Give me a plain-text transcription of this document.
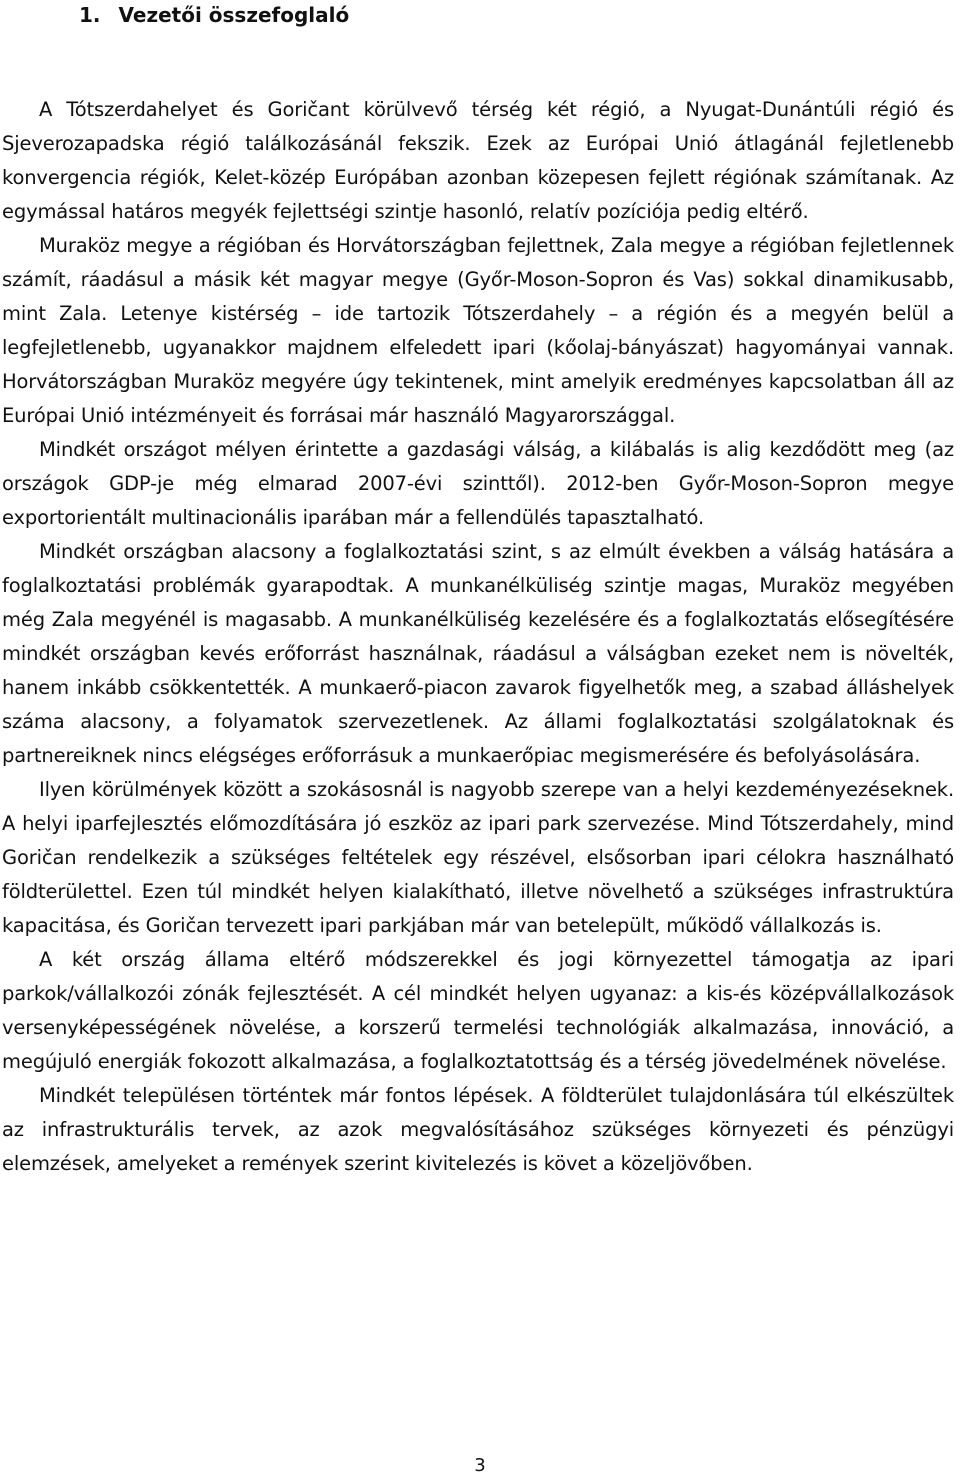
1. Vezetői összefoglaló

A Tótszerdahelyet és Goričant körülvevő térség két régió, a Nyugat-Dunántúli régió és Sjeverozapadska régió találkozásánál fekszik. Ezek az Európai Unió átlagánál fejletlenebb konvergencia régiók, Kelet-közép Európában azonban közepesen fejlett régiónak számítanak. Az egymással határos megyék fejlettségi szintje hasonló, relatív pozíciója pedig eltérő.

Muraköz megye a régióban és Horvátországban fejlettnek, Zala megye a régióban fejletlennek számít, ráadásul a másik két magyar megye (Győr-Moson-Sopron és Vas) sokkal dinamikusabb, mint Zala. Letenye kistérség – ide tartozik Tótszerdahely – a régión és a megyén belül a legfejletlenebb, ugyanakkor majdnem elfeledett ipari (kőolaj-bányászat) hagyományai vannak. Horvátországban Muraköz megyére úgy tekintenek, mint amelyik eredményes kapcsolatban áll az Európai Unió intézményeit és forrásai már használó Magyarországgal.

Mindkét országot mélyen érintette a gazdasági válság, a kilábalás is alig kezdődött meg (az országok GDP-je még elmarad 2007-évi szinttől). 2012-ben Győr-Moson-Sopron megye exportorientált multinacionális iparában már a fellendülés tapasztalható.

Mindkét országban alacsony a foglalkoztatási szint, s az elmúlt években a válság hatására a foglalkoztatási problémák gyarapodtak. A munkanélküliség szintje magas, Muraköz megyében még Zala megyénél is magasabb. A munkanélküliség kezelésére és a foglalkoztatás elősegítésére mindkét országban kevés erőforrást használnak, ráadásul a válságban ezeket nem is növelték, hanem inkább csökkentették. A munkaerő-piacon zavarok figyelhetők meg, a szabad álláshelyek száma alacsony, a folyamatok szervezetlenek. Az állami foglalkoztatási szolgálatoknak és partnereiknek nincs elégséges erőforrásuk a munkaerőpiac megismerésére és befolyásolására.

Ilyen körülmények között a szokásosnál is nagyobb szerepe van a helyi kezdeményezéseknek. A helyi iparfejlesztés előmozdítására jó eszköz az ipari park szervezése. Mind Tótszerdahely, mind Goričan rendelkezik a szükséges feltételek egy részével, elsősorban ipari célokra használható földterülettel. Ezen túl mindkét helyen kialakítható, illetve növelhető a szükséges infrastruktúra kapacitása, és Goričan tervezett ipari parkjában már van betelepült, működő vállalkozás is.

A két ország állama eltérő módszerekkel és jogi környezettel támogatja az ipari parkok/vállalkozói zónák fejlesztését. A cél mindkét helyen ugyanaz: a kis-és középvállalkozások versenyképességének növelése, a korszerű termelési technológiák alkalmazása, innováció, a megújuló energiák fokozott alkalmazása, a foglalkoztatottság és a térség jövedelmének növelése.

Mindkét településen történtek már fontos lépések. A földterület tulajdonlására túl elkészültek az infrastrukturális tervek, az azok megvalósításához szükséges környezeti és pénzügyi elemzések, amelyeket a remények szerint kivitelezés is követ a közeljövőben.

3
